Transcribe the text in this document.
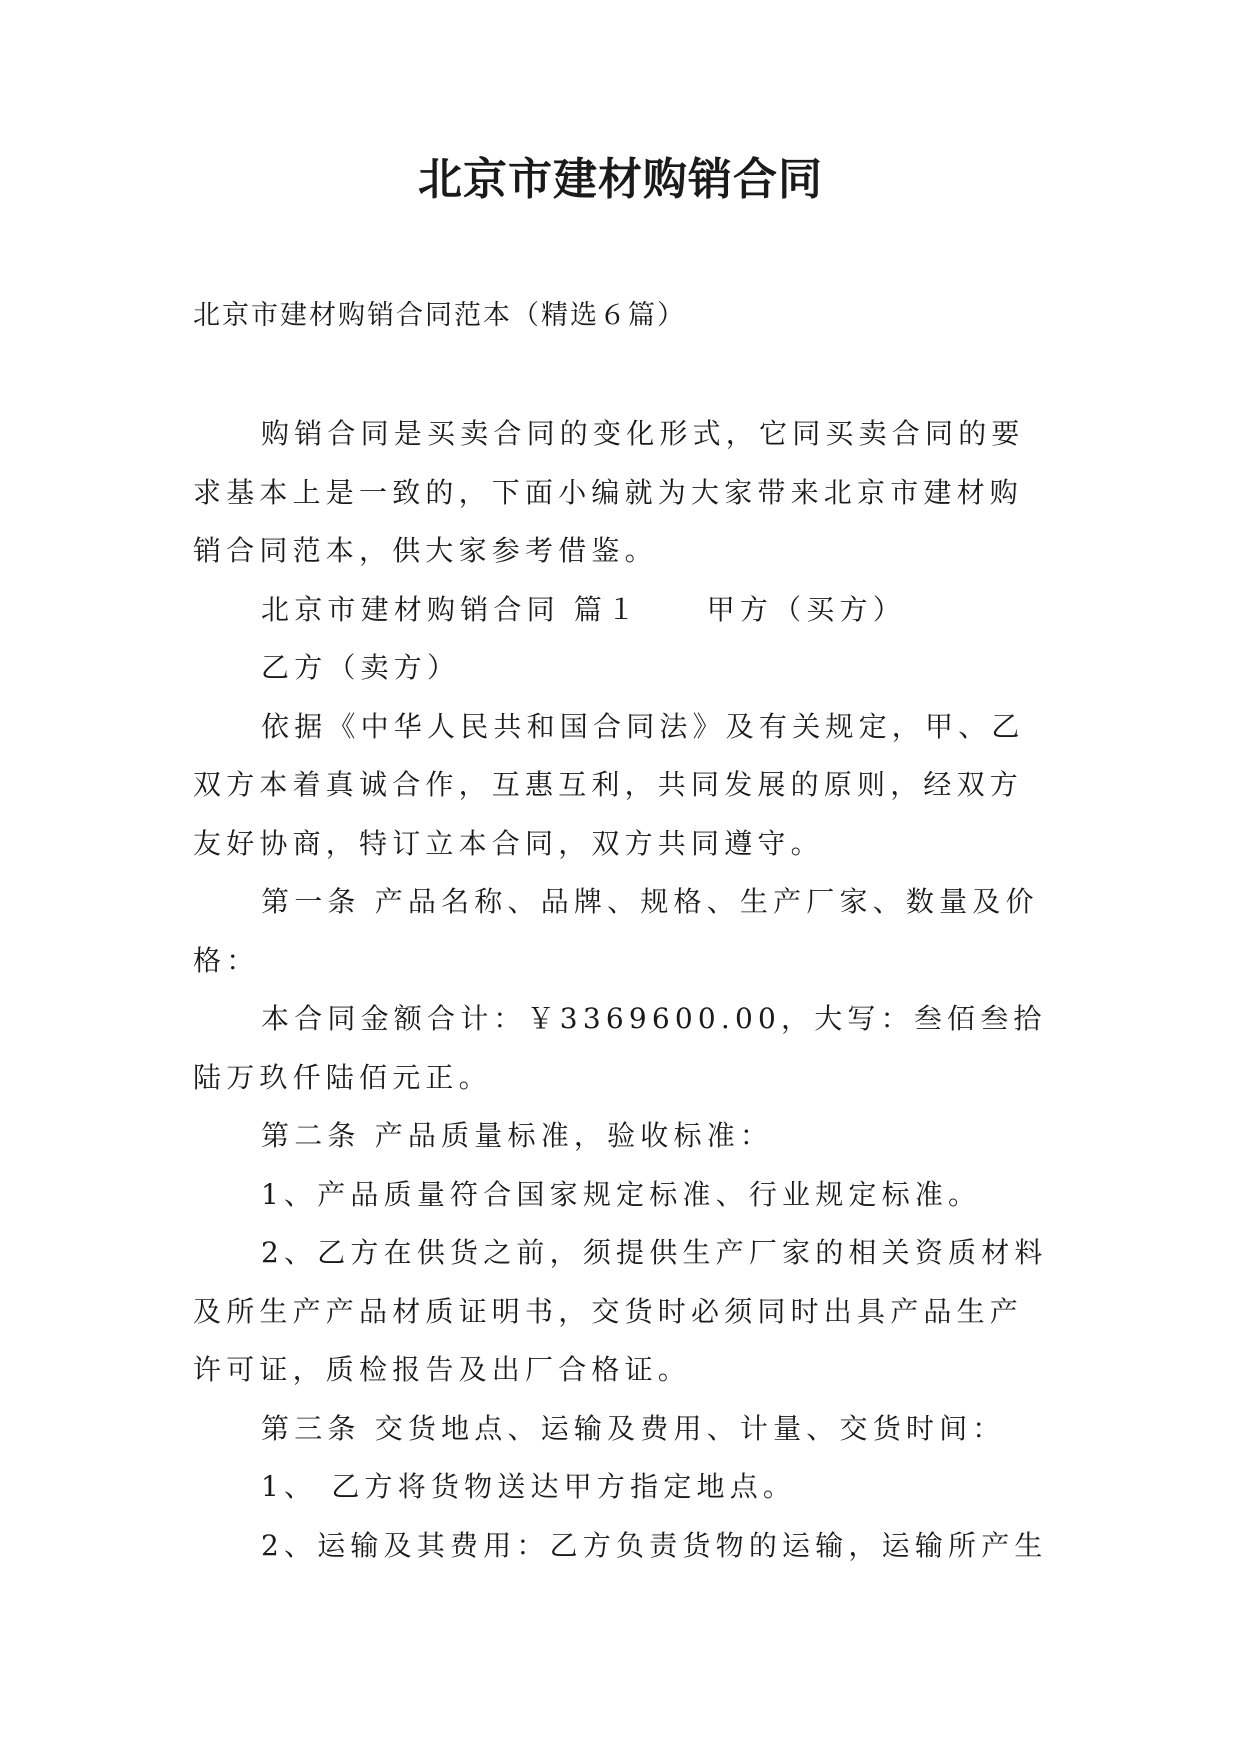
北京市建材购销合同

北京市建材购销合同范本（精选６篇）

购销合同是买卖合同的变化形式，它同买卖合同的要求基本上是一致的，下面小编就为大家带来北京市建材购销合同范本，供大家参考借鉴。

北京市建材购销合同 篇１　　甲方（买方）

乙方（卖方）

依据《中华人民共和国合同法》及有关规定，甲、乙双方本着真诚合作，互惠互利，共同发展的原则，经双方友好协商，特订立本合同，双方共同遵守。

第一条 产品名称、品牌、规格、生产厂家、数量及价格：

本合同金额合计：￥3369600.00，大写：叁佰叁拾陆万玖仟陆佰元正。

第二条 产品质量标准，验收标准：

1、产品质量符合国家规定标准、行业规定标准。

2、乙方在供货之前，须提供生产厂家的相关资质材料及所生产产品材质证明书，交货时必须同时出具产品生产许可证，质检报告及出厂合格证。

第三条 交货地点、运输及费用、计量、交货时间：

1、 乙方将货物送达甲方指定地点。

2、运输及其费用：乙方负责货物的运输，运输所产生
